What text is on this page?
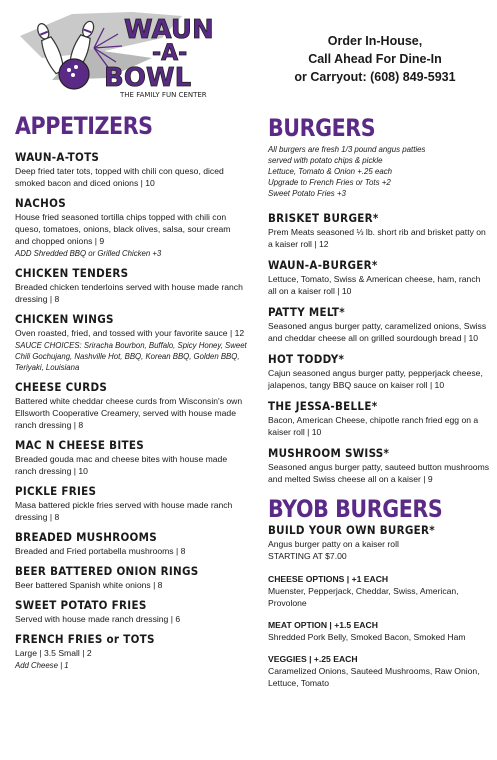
WAUN
-A-
BOWL
THE FAMILY FUN CENTER
Order In-House,
Call Ahead For Dine-In
or Carryout: (608) 849-5931
APPETIZERS
WAUN-A-TOTS
Deep fried tater tots, topped with chili con queso, diced smoked bacon and diced onions | 10
NACHOS
House fried seasoned tortilla chips topped with chili con queso, tomatoes, onions, black olives, salsa, sour cream and chopped onions | 9
ADD Shredded BBQ or Grilled Chicken +3
CHICKEN TENDERS
Breaded chicken tenderloins served with house made ranch dressing | 8
CHICKEN WINGS
Oven roasted, fried, and tossed with your favorite sauce | 12
SAUCE CHOICES: Sriracha Bourbon, Buffalo, Spicy Honey, Sweet Chili Gochujang, Nashville Hot, BBQ, Korean BBQ, Golden BBQ, Teriyaki, Louisiana
CHEESE CURDS
Battered white cheddar cheese curds from Wisconsin's own Ellsworth Cooperative Creamery, served with house made ranch dressing | 8
MAC N CHEESE BITES
Breaded gouda mac and cheese bites with house made ranch dressing | 10
PICKLE FRIES
Masa battered pickle fries served with house made ranch dressing | 8
BREADED MUSHROOMS
Breaded and Fried portabella mushrooms | 8
BEER BATTERED ONION RINGS
Beer battered Spanish white onions | 8
SWEET POTATO FRIES
Served with house made ranch dressing | 6
FRENCH FRIES or TOTS
Large | 3.5 Small | 2
Add Cheese | 1
BURGERS
All burgers are fresh 1/3 pound angus patties
served with potato chips & pickle
Lettuce, Tomato & Onion +.25 each
Upgrade to French Fries or Tots +2
Sweet Potato Fries +3
BRISKET BURGER*
Prem Meats seasoned ⅓ lb. short rib and brisket patty on a kaiser roll | 12
WAUN-A-BURGER*
Lettuce, Tomato, Swiss & American cheese, ham, ranch all on a kaiser roll | 10
PATTY MELT*
Seasoned angus burger patty, caramelized onions, Swiss and cheddar cheese all on grilled sourdough bread | 10
HOT TODDY*
Cajun seasoned angus burger patty, pepperjack cheese, jalapenos, tangy BBQ sauce on kaiser roll | 10
THE JESSA-BELLE*
Bacon, American Cheese, chipotle ranch fried egg on a kaiser roll | 10
MUSHROOM SWISS*
Seasoned angus burger patty, sauteed button mushrooms and melted Swiss cheese all on a kaiser | 9
BYOB BURGERS
BUILD YOUR OWN BURGER*
Angus burger patty on a kaiser roll
STARTING AT $7.00
CHEESE OPTIONS | +1 EACH
Muenster, Pepperjack, Cheddar, Swiss, American, Provolone
MEAT OPTION | +1.5 EACH
Shredded Pork Belly, Smoked Bacon, Smoked Ham
VEGGIES | +.25 EACH
Caramelized Onions, Sauteed Mushrooms, Raw Onion, Lettuce, Tomato
